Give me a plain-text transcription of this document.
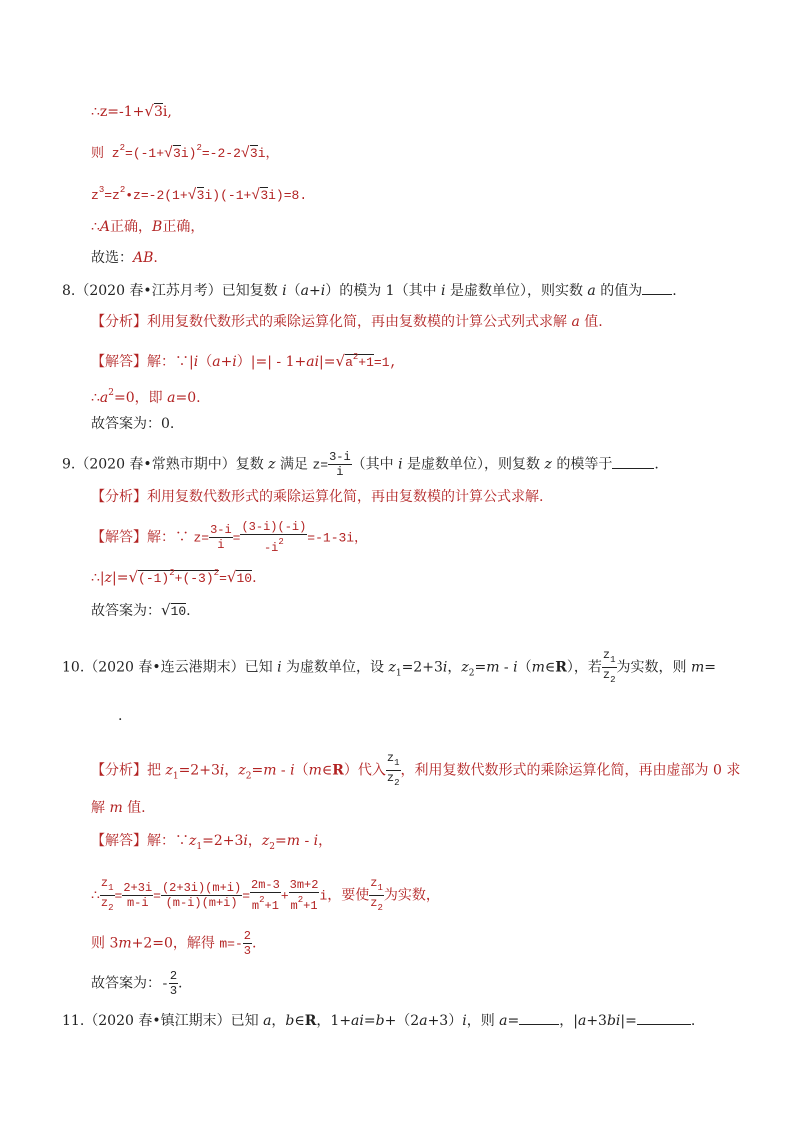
∴z=-1+√3i,
则 $z^2=(-1+√3i)^2=-2-2√3i$，
$z^3=z^2•z=-2(1+√3i)(-1+√3i)=8$.
∴A正确，B正确，
故选：AB.
8.（2020 春•江苏月考）已知复数 i（a+i）的模为 1（其中 i 是虚数单位），则实数 a 的值为 .
【分析】利用复数代数形式的乘除运算化简，再由复数模的计算公式列式求解 a 值.
【解答】解：∵|i（a+i）|=| - $1+ai|=√a^2+1=1$,
$\therefore a^2=0$，即 a=0.
故答案为：0.
9.（2020 春•常熟市期中）复数 z 满足 $z= \frac{3-i}{i}$ （其中 i 是虚数单位），则复数 z 的模等于	.
【分析】利用复数代数形式的乘除运算化简，再由复数模的计算公式求解.
【解答】解：∵ $z= \frac{3-i}{i} = \frac{(3-i)(-i)}{-i^2} =-1-3i$，
$\therefore|z|=√(-1)^2+(-3)^2=√10$.
故答案为：√10.
10.（2020 春•连云港期末）已知 i 为虚数单位，设 $z_1=2+3i$，$z_2=m$ - i（m∈R），若 $\frac{z_1}{z_2}$ 为实数，则 m=
.
【分析】把 $z_1=2+3i$，$z_2=m$ - i（m∈R）代入 $\frac{z_1}{z_2}$ ，利用复数代数形式的乘除运算化简，再由虚部为 0 求
解 m 值.
【解答】解：$\because z_1=2+3i$，$z_2=m - i$，
∴ $\frac{z_1}{z_2} = \frac{2+3i}{m-i} = \frac{(2+3i)(m+i)}{(m-i)(m+i)} = \frac{2m-3}{m^2+1} + \frac{3m+2}{m^2+1}$ i，要使 $\frac{z_1}{z_2}$ 为实数，
则 3m+2=0，解得 $m=- \frac{2}{3}$ .
故答案为：- $\frac{2}{3}$ .
11.（2020 春•镇江期末）已知 a，b∈R，1+ai=b+（2a+3）i，则 a=	，|a+3bi|=	.
